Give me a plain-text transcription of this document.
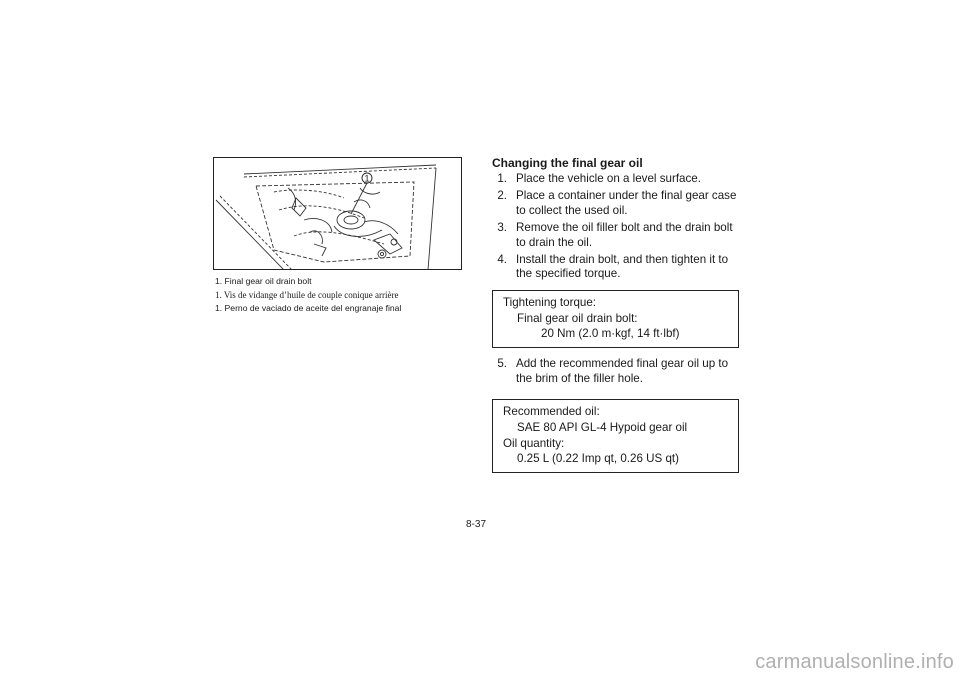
1
1. Final gear oil drain bolt
1. Vis de vidange d’huile de couple conique arrière
1. Perno de vaciado de aceite del engranaje final
Changing the final gear oil
1. Place the vehicle on a level surface.
2. Place a container under the final gear case to collect the used oil.
3. Remove the oil filler bolt and the drain bolt to drain the oil.
4. Install the drain bolt, and then tighten it to the specified torque.
Tightening torque:
Final gear oil drain bolt:
20 Nm (2.0 m·kgf, 14 ft·lbf)
5. Add the recommended final gear oil up to the brim of the filler hole.
Recommended oil:
SAE 80 API GL-4 Hypoid gear oil
Oil quantity:
0.25 L (0.22 Imp qt, 0.26 US qt)
8-37
carmanualsonline.info
